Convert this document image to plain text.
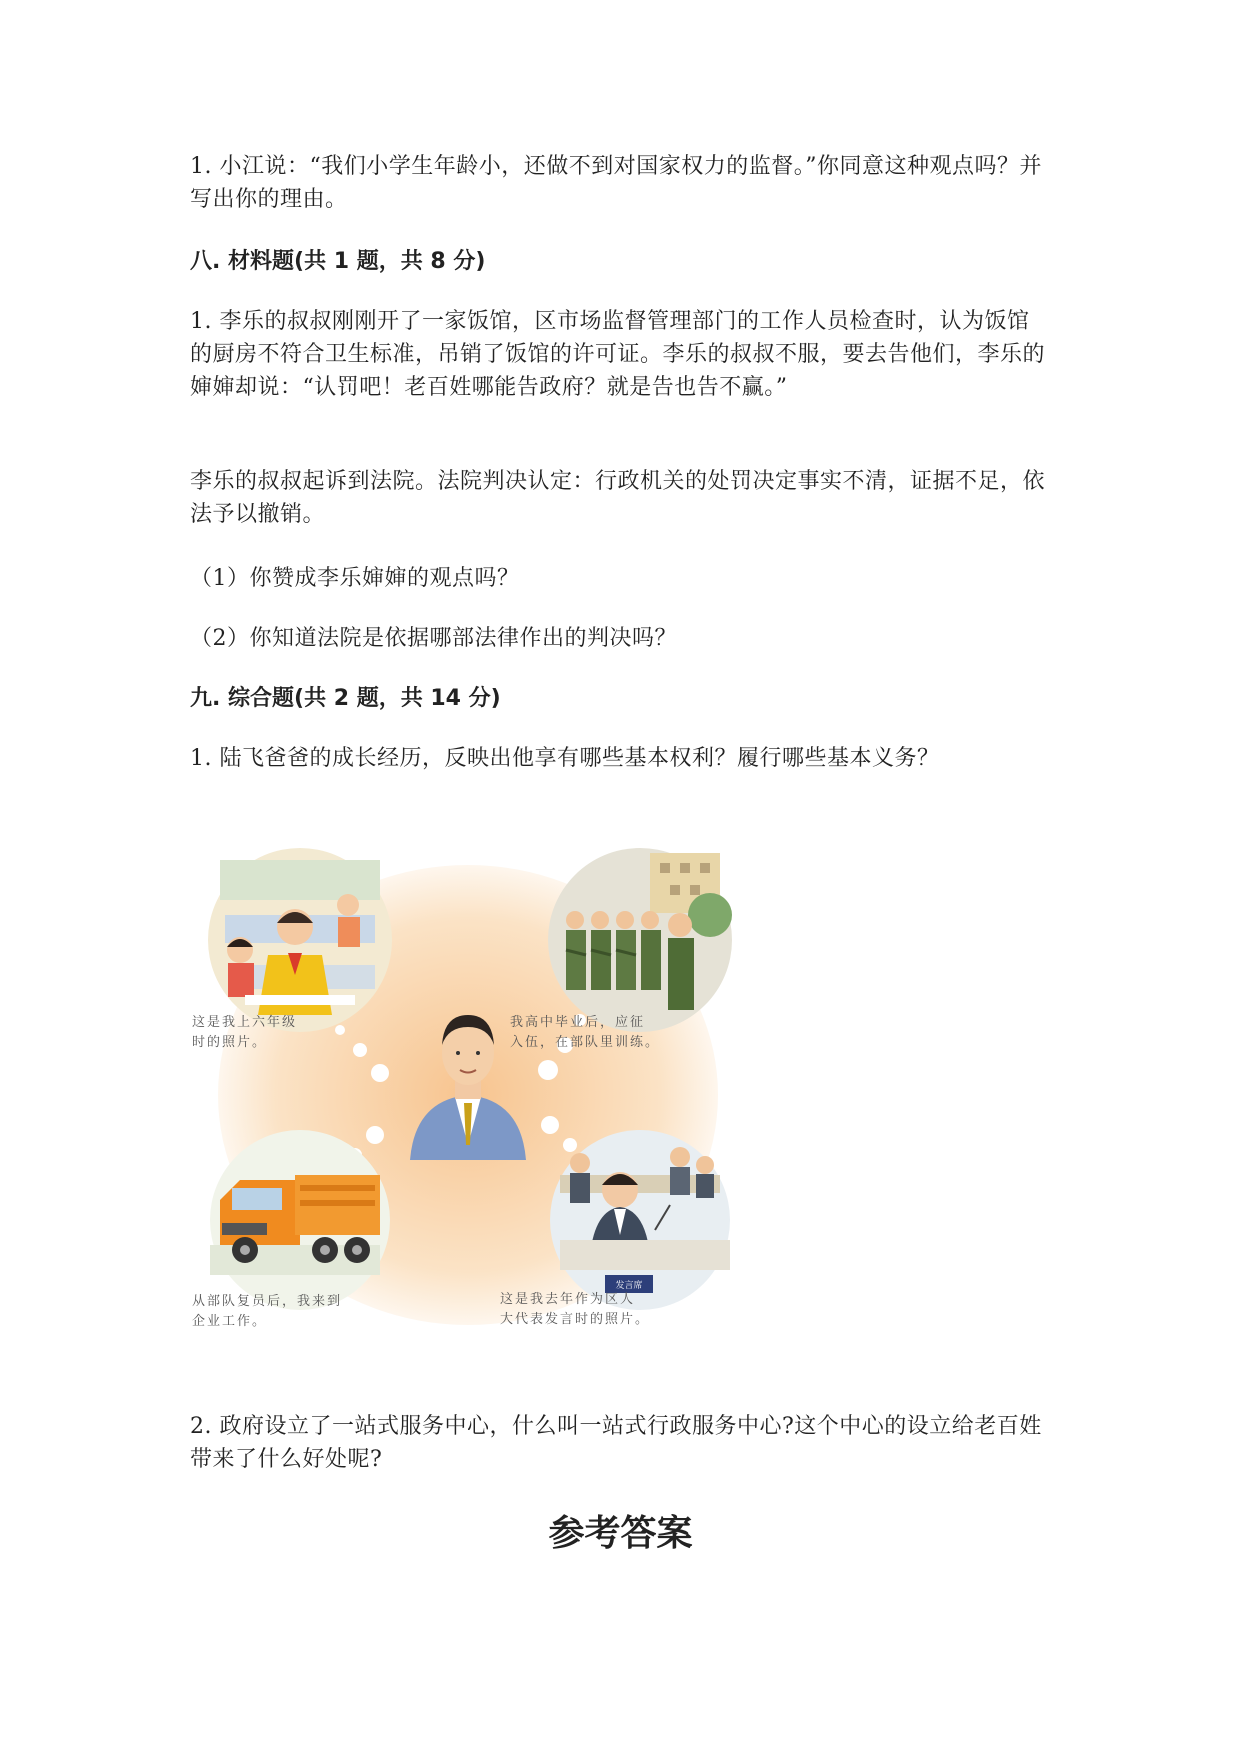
1. 小江说：“我们小学生年龄小，还做不到对国家权力的监督。”你同意这种观点吗？并写出你的理由。

八. 材料题(共 1 题，共 8 分)

1. 李乐的叔叔刚刚开了一家饭馆，区市场监督管理部门的工作人员检查时，认为饭馆的厨房不符合卫生标准，吊销了饭馆的许可证。李乐的叔叔不服，要去告他们，李乐的婶婶却说：“认罚吧！老百姓哪能告政府？就是告也告不赢。”

李乐的叔叔起诉到法院。法院判决认定：行政机关的处罚决定事实不清，证据不足，依法予以撤销。

（1）你赞成李乐婶婶的观点吗？

（2）你知道法院是依据哪部法律作出的判决吗？

九. 综合题(共 2 题，共 14 分)

1. 陆飞爸爸的成长经历，反映出他享有哪些基本权利？履行哪些基本义务？

发言席
这是我上六年级
时的照片。
我高中毕业后，应征
入伍，在部队里训练。
从部队复员后，我来到
企业工作。
这是我去年作为区人
大代表发言时的照片。

2. 政府设立了一站式服务中心，什么叫一站式行政服务中心?这个中心的设立给老百姓带来了什么好处呢?

参考答案
